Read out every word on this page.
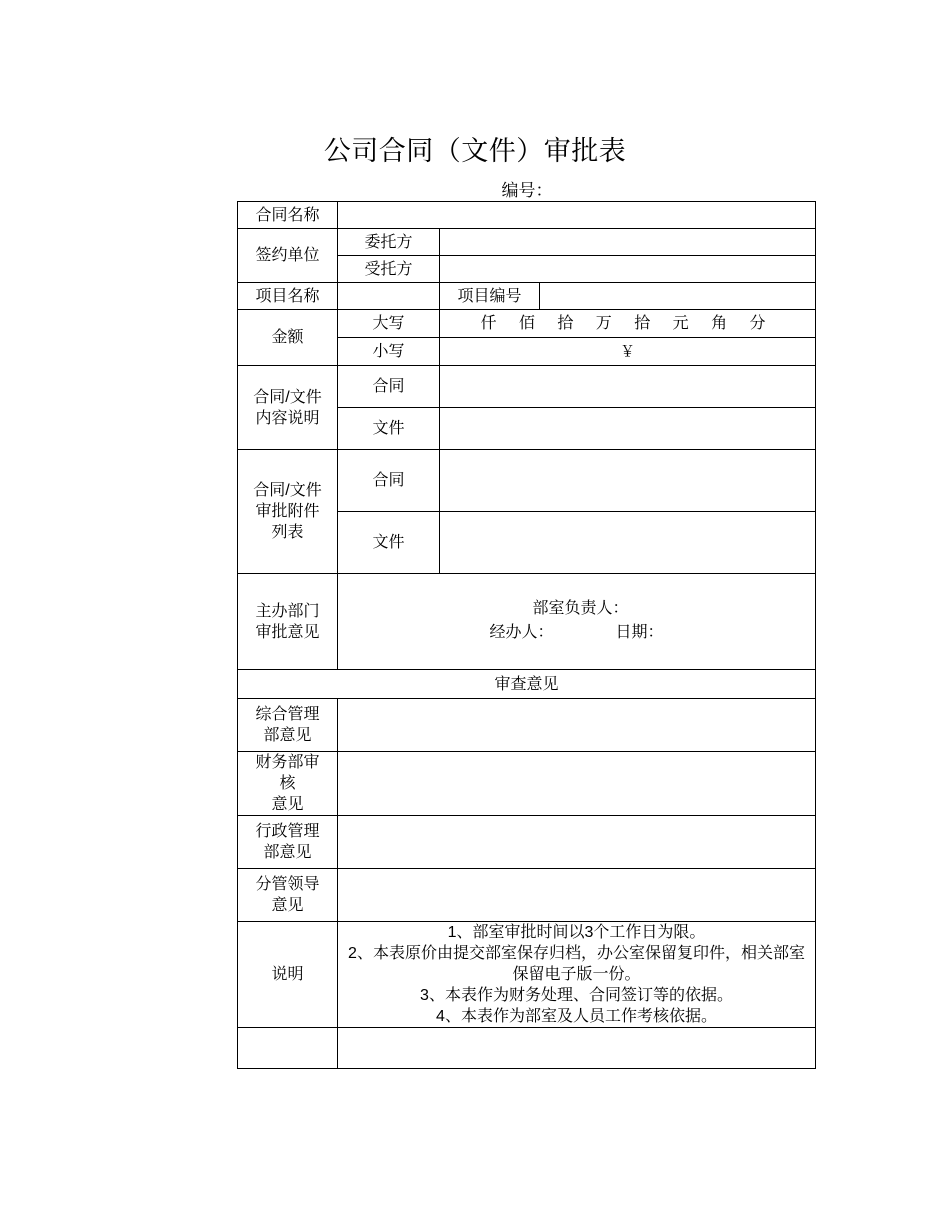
公司合同（文件）审批表
编号：
合同名称			
签约单位	委托方		
	受托方		
项目名称		项目编号	
金额	大写	仟 佰 拾 万 拾 元 角 分	
	小写	￥	
合同/文件
内容说明	合同		
	文件		
合同/文件
审批附件
列表	合同		
	文件		
主办部门
审批意见	部室负责人：
经办人： 日期：		

审查意见			
综合管理
部意见			
财务部审
核
意见			
行政管理
部意见			
分管领导
意见			
说明	1、部室审批时间以3个工作日为限。
2、本表原价由提交部室保存归档，办公室保留复印件，相关部室保留电子版一份。
3、本表作为财务处理、合同签订等的依据。
4、本表作为部室及人员工作考核依据。		
